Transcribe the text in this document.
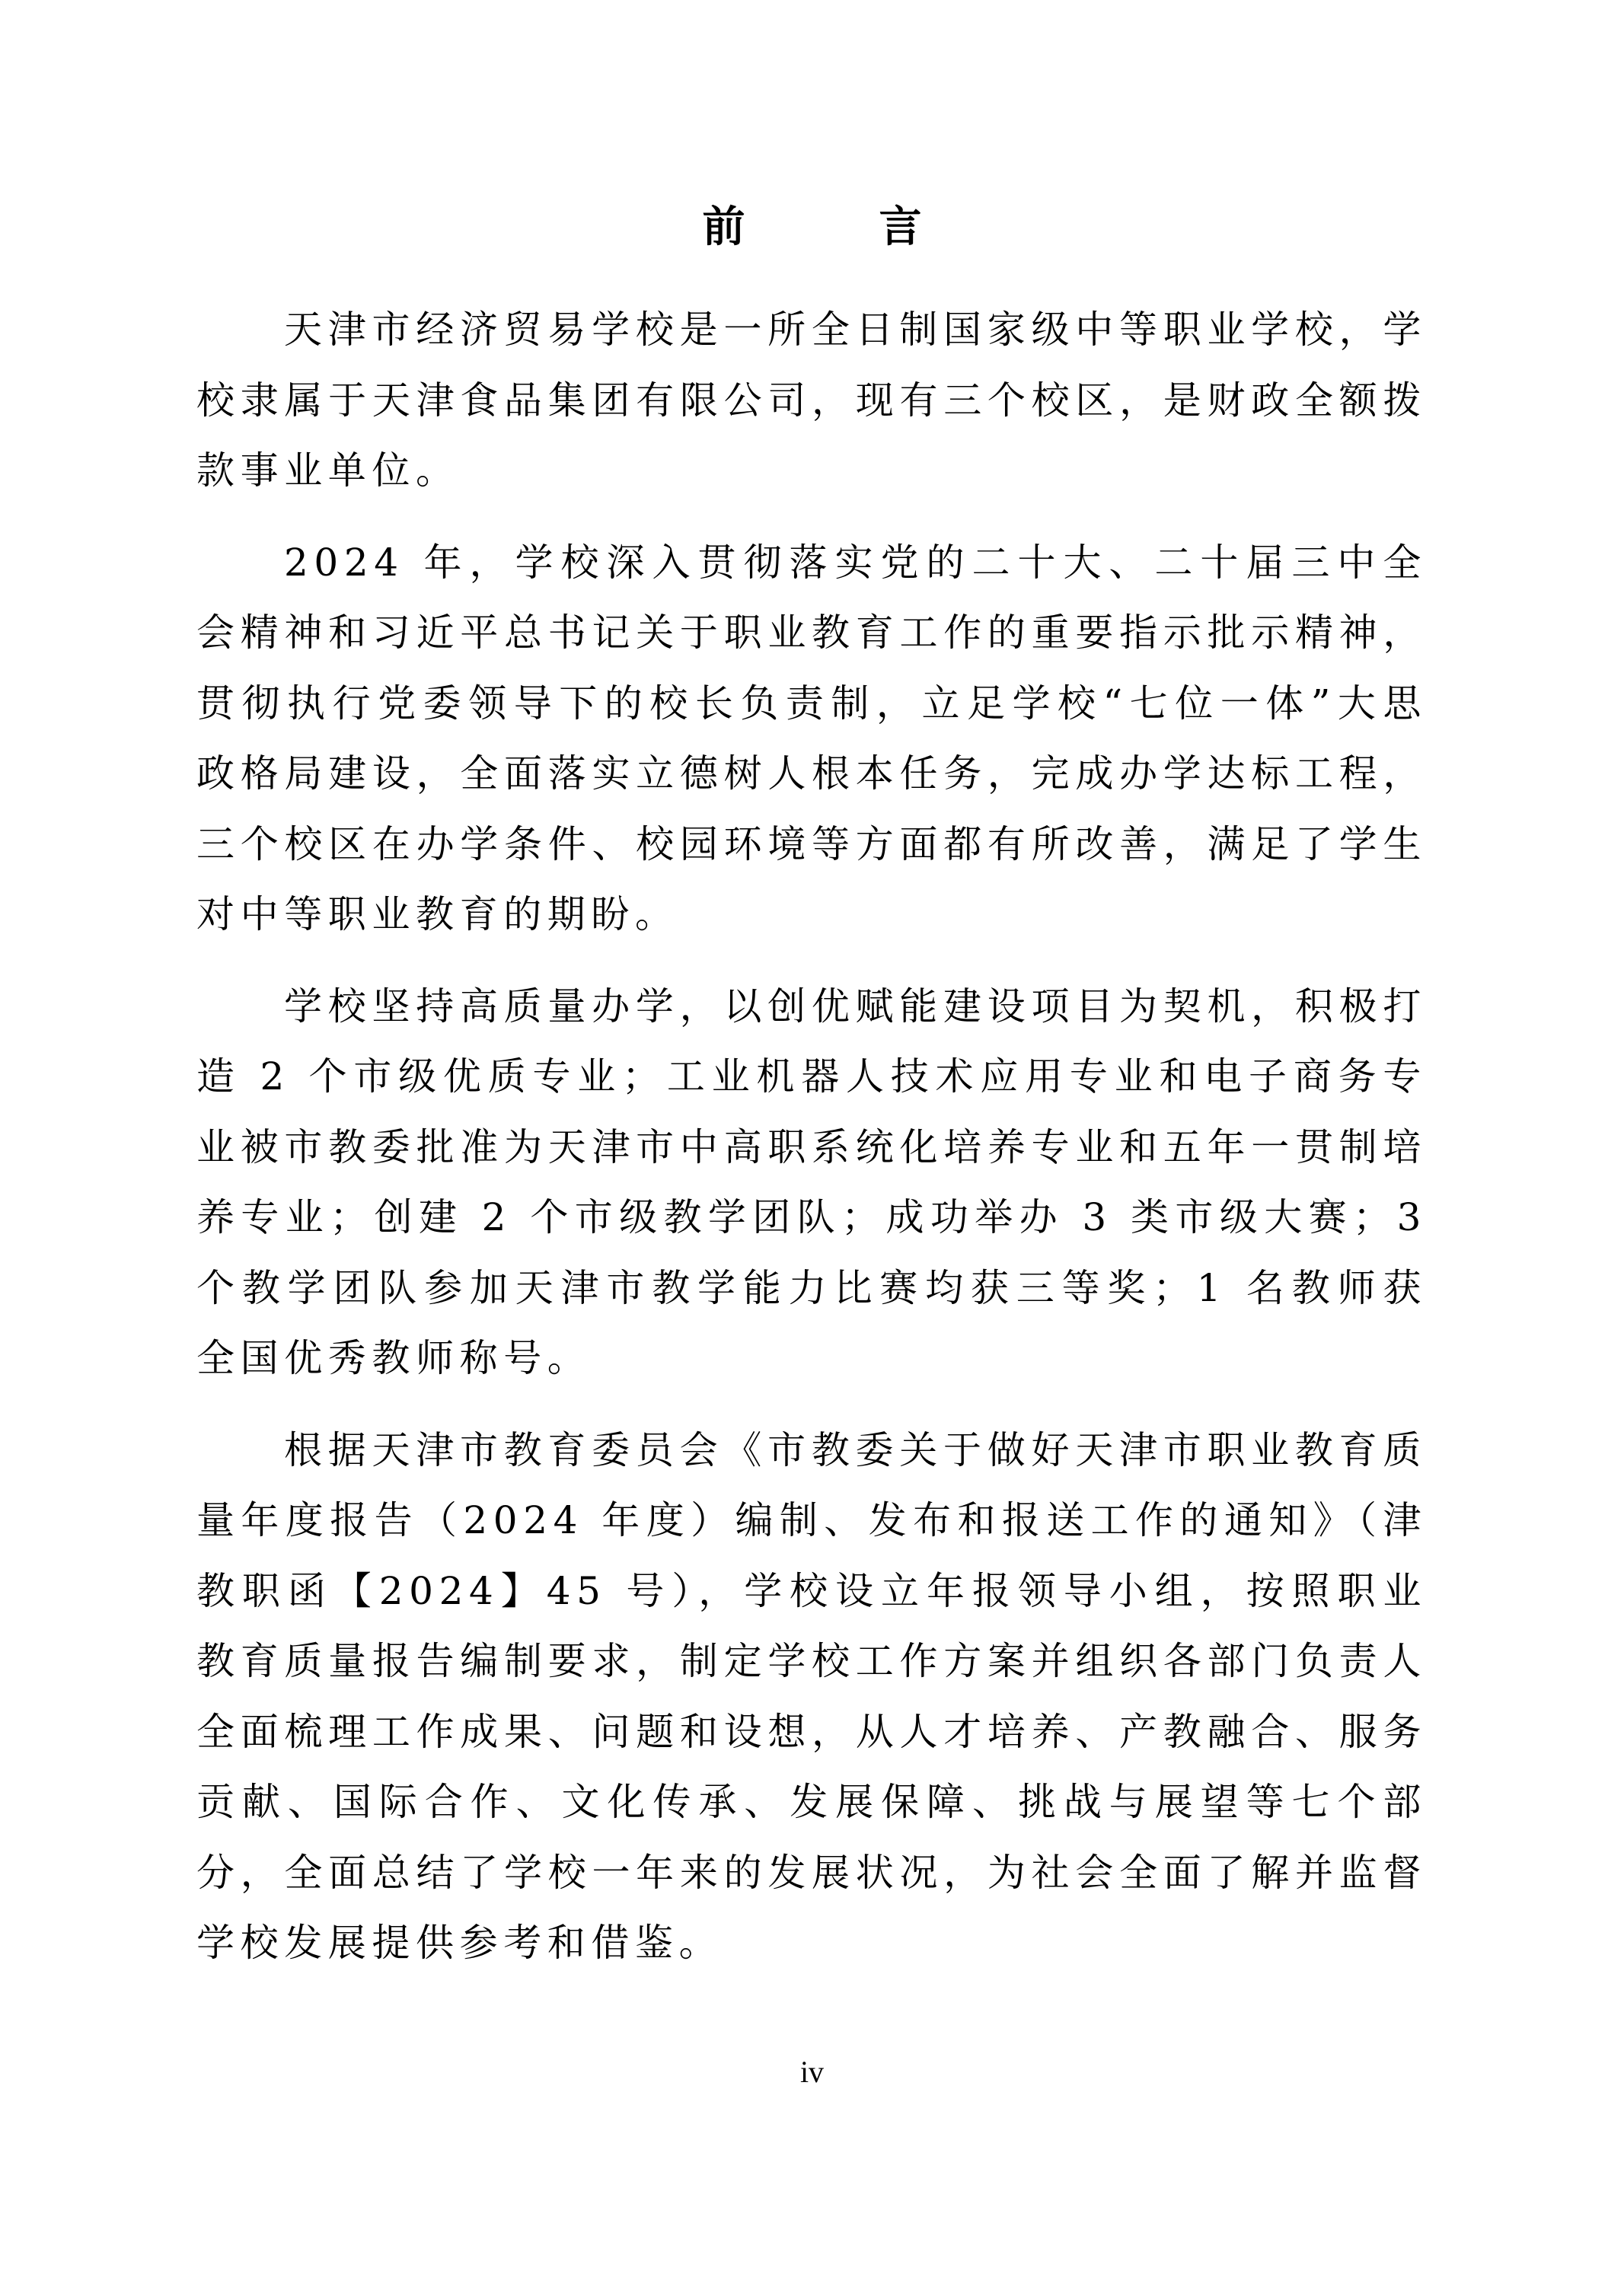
前　言

天津市经济贸易学校是一所全日制国家级中等职业学校，学校隶属于天津食品集团有限公司，现有三个校区，是财政全额拨款事业单位。

2024 年，学校深入贯彻落实党的二十大、二十届三中全会精神和习近平总书记关于职业教育工作的重要指示批示精神，贯彻执行党委领导下的校长负责制，立足学校“七位一体”大思政格局建设，全面落实立德树人根本任务，完成办学达标工程，三个校区在办学条件、校园环境等方面都有所改善，满足了学生对中等职业教育的期盼。

学校坚持高质量办学，以创优赋能建设项目为契机，积极打造 2 个市级优质专业；工业机器人技术应用专业和电子商务专业被市教委批准为天津市中高职系统化培养专业和五年一贯制培养专业；创建 2 个市级教学团队；成功举办 3 类市级大赛；3 个教学团队参加天津市教学能力比赛均获三等奖；1 名教师获全国优秀教师称号。

根据天津市教育委员会《市教委关于做好天津市职业教育质量年度报告（2024 年度）编制、发布和报送工作的通知》（津教职函【2024】45 号），学校设立年报领导小组，按照职业教育质量报告编制要求，制定学校工作方案并组织各部门负责人全面梳理工作成果、问题和设想，从人才培养、产教融合、服务贡献、国际合作、文化传承、发展保障、挑战与展望等七个部分，全面总结了学校一年来的发展状况，为社会全面了解并监督学校发展提供参考和借鉴。

iv
